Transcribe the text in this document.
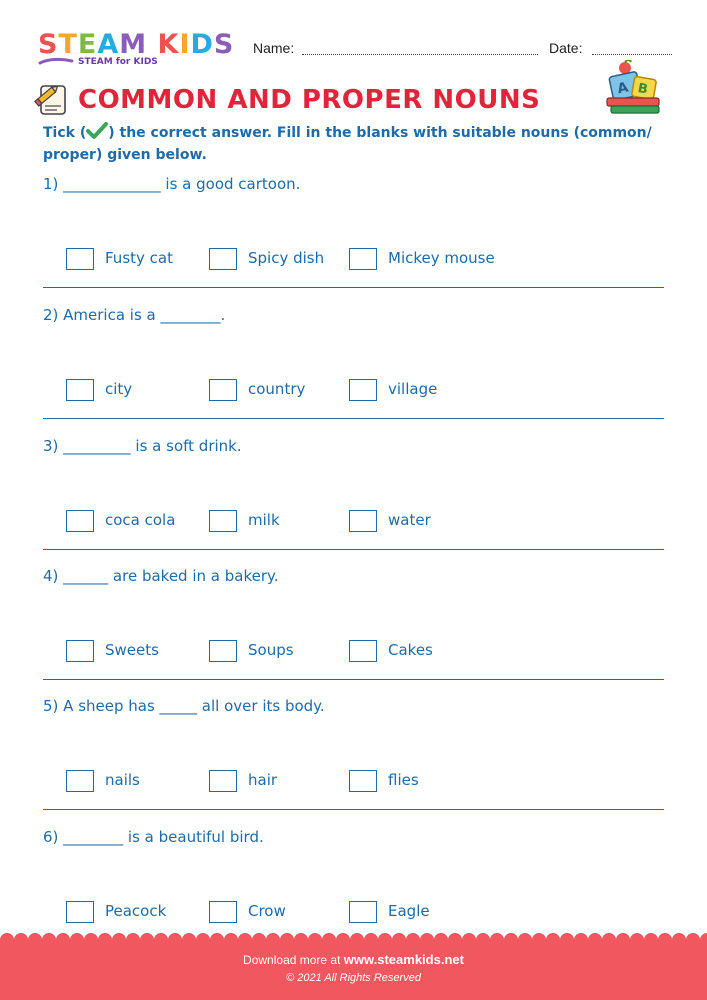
STEAM KIDS
STEAM for KIDS
Name:	Date:
COMMON AND PROPER NOUNS	A B
Tick ( ) the correct answer. Fill in the blanks with suitable nouns (common/ proper) given below.
1) _____________ is a good cartoon.
Fusty cat	Spicy dish	Mickey mouse
2) America is a ________.
city	country	village
3) _________ is a soft drink.
coca cola	milk	water
4) ______ are baked in a bakery.
Sweets	Soups	Cakes
5) A sheep has _____ all over its body.
nails	hair	flies
6) ________ is a beautiful bird.
Peacock	Crow	Eagle
Download more at www.steamkids.net
© 2021 All Rights Reserved
